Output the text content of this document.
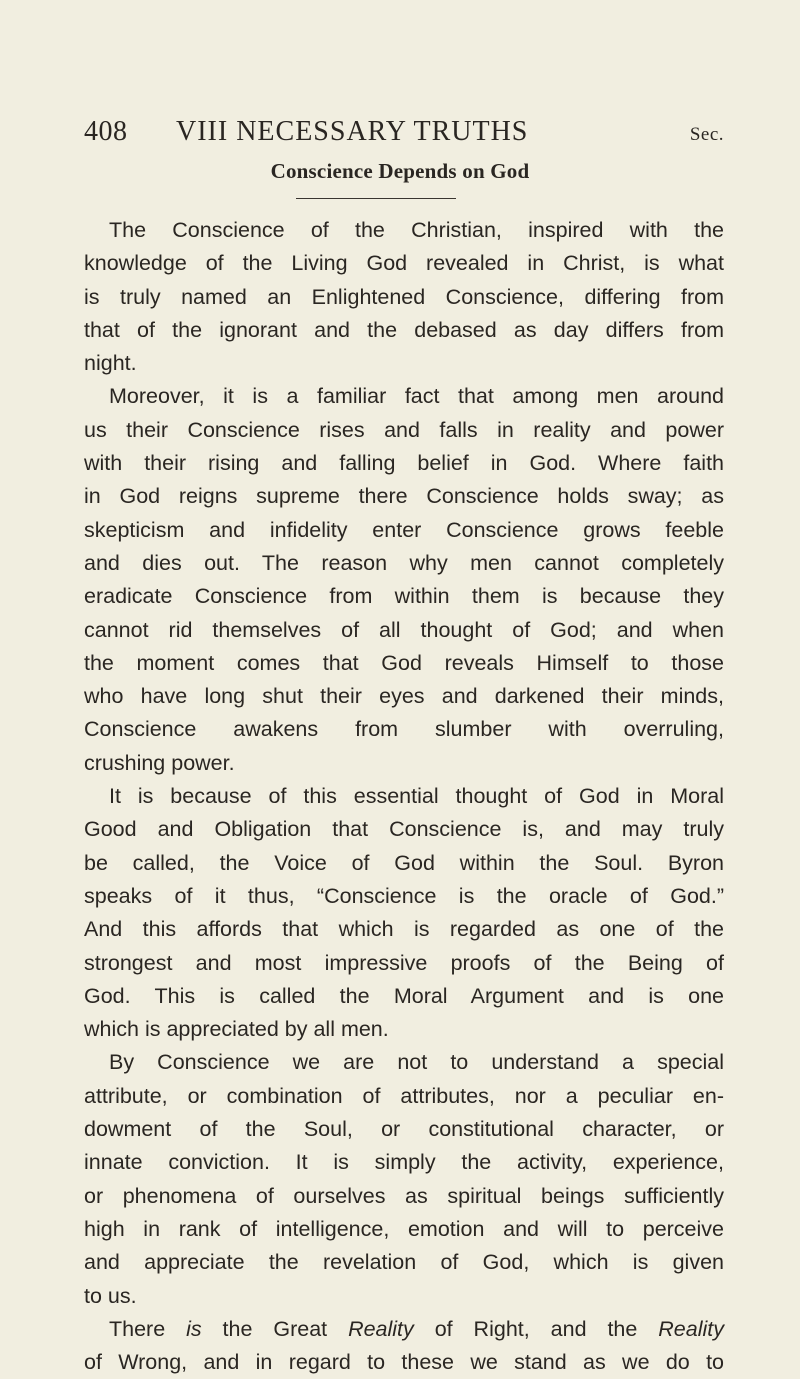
408 VIII NECESSARY TRUTHS	Sec.
Conscience Depends on God
The Conscience of the Christian, inspired with the
knowledge of the Living God revealed in Christ, is what
is truly named an Enlightened Conscience, differing from
that of the ignorant and the debased as day differs from
night.
Moreover, it is a familiar fact that among men around
us their Conscience rises and falls in reality and power
with their rising and falling belief in God. Where faith
in God reigns supreme there Conscience holds sway; as
skepticism and infidelity enter Conscience grows feeble
and dies out. The reason why men cannot completely
eradicate Conscience from within them is because they
cannot rid themselves of all thought of God; and when
the moment comes that God reveals Himself to those
who have long shut their eyes and darkened their minds,
Conscience awakens from slumber with overruling,
crushing power.
It is because of this essential thought of God in Moral
Good and Obligation that Conscience is, and may truly
be called, the Voice of God within the Soul. Byron
speaks of it thus, “Conscience is the oracle of God.”
And this affords that which is regarded as one of the
strongest and most impressive proofs of the Being of
God. This is called the Moral Argument and is one
which is appreciated by all men.
By Conscience we are not to understand a special
attribute, or combination of attributes, nor a peculiar en-
dowment of the Soul, or constitutional character, or
innate conviction. It is simply the activity, experience,
or phenomena of ourselves as spiritual beings sufficiently
high in rank of intelligence, emotion and will to perceive
and appreciate the revelation of God, which is given
to us.
There is the Great Reality of Right, and the Reality
of Wrong, and in regard to these we stand as we do to
